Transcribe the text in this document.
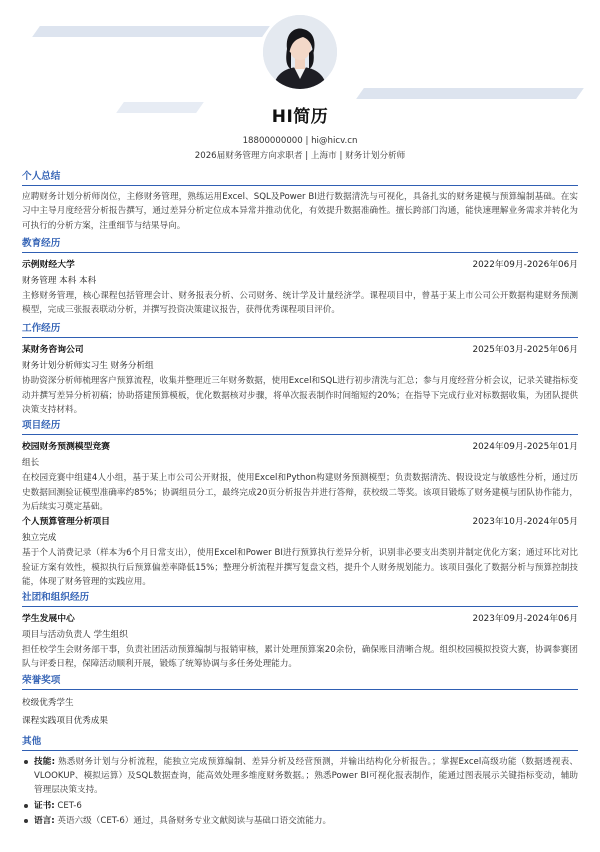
HI简历
18800000000 | hi@hicv.cn
2026届财务管理方向求职者 | 上海市 | 财务计划分析师
个人总结
应聘财务计划分析师岗位，主修财务管理，熟练运用Excel、SQL及Power BI进行数据清洗与可视化，具备扎实的财务建模与预算编制基础。在实习中主导月度经营分析报告撰写，通过差异分析定位成本异常并推动优化，有效提升数据准确性。擅长跨部门沟通，能快速理解业务需求并转化为可执行的分析方案，注重细节与结果导向。
教育经历
示例财经大学	2022年09月-2026年06月
财务管理 本科 本科
主修财务管理，核心课程包括管理会计、财务报表分析、公司财务、统计学及计量经济学。课程项目中，曾基于某上市公司公开数据构建财务预测模型，完成三张报表联动分析，并撰写投资决策建议报告，获得优秀课程项目评价。
工作经历
某财务咨询公司	2025年03月-2025年06月
财务计划分析师实习生 财务分析组
协助资深分析师梳理客户预算流程，收集并整理近三年财务数据，使用Excel和SQL进行初步清洗与汇总；参与月度经营分析会议，记录关键指标变动并撰写差异分析初稿；协助搭建预算模板，优化数据核对步骤，将单次报表制作时间缩短约20%；在指导下完成行业对标数据收集，为团队提供决策支持材料。
项目经历
校园财务预测模型竞赛	2024年09月-2025年01月
组长
在校园竞赛中组建4人小组，基于某上市公司公开财报，使用Excel和Python构建财务预测模型；负责数据清洗、假设设定与敏感性分析，通过历史数据回测验证模型准确率约85%；协调组员分工，最终完成20页分析报告并进行答辩，获校级二等奖。该项目锻炼了财务建模与团队协作能力，为后续实习奠定基础。
个人预算管理分析项目	2023年10月-2024年05月
独立完成
基于个人消费记录（样本为6个月日常支出），使用Excel和Power BI进行预算执行差异分析，识别非必要支出类别并制定优化方案；通过环比对比验证方案有效性，模拟执行后预算偏差率降低15%；整理分析流程并撰写复盘文档，提升个人财务规划能力。该项目强化了数据分析与预算控制技能，体现了财务管理的实践应用。
社团和组织经历
学生发展中心	2023年09月-2024年06月
项目与活动负责人 学生组织
担任校学生会财务部干事，负责社团活动预算编制与报销审核，累计处理预算案20余份，确保账目清晰合规。组织校园模拟投资大赛，协调参赛团队与评委日程，保障活动顺利开展，锻炼了统筹协调与多任务处理能力。
荣誉奖项
校级优秀学生
课程实践项目优秀成果
其他
技能: 熟悉财务计划与分析流程，能独立完成预算编制、差异分析及经营预测，并输出结构化分析报告。；掌握Excel高级功能（数据透视表、VLOOKUP、模拟运算）及SQL数据查询，能高效处理多维度财务数据。；熟悉Power BI可视化报表制作，能通过图表展示关键指标变动，辅助管理层决策支持。
证书: CET-6
语言: 英语六级（CET-6）通过，具备财务专业文献阅读与基础口语交流能力。
